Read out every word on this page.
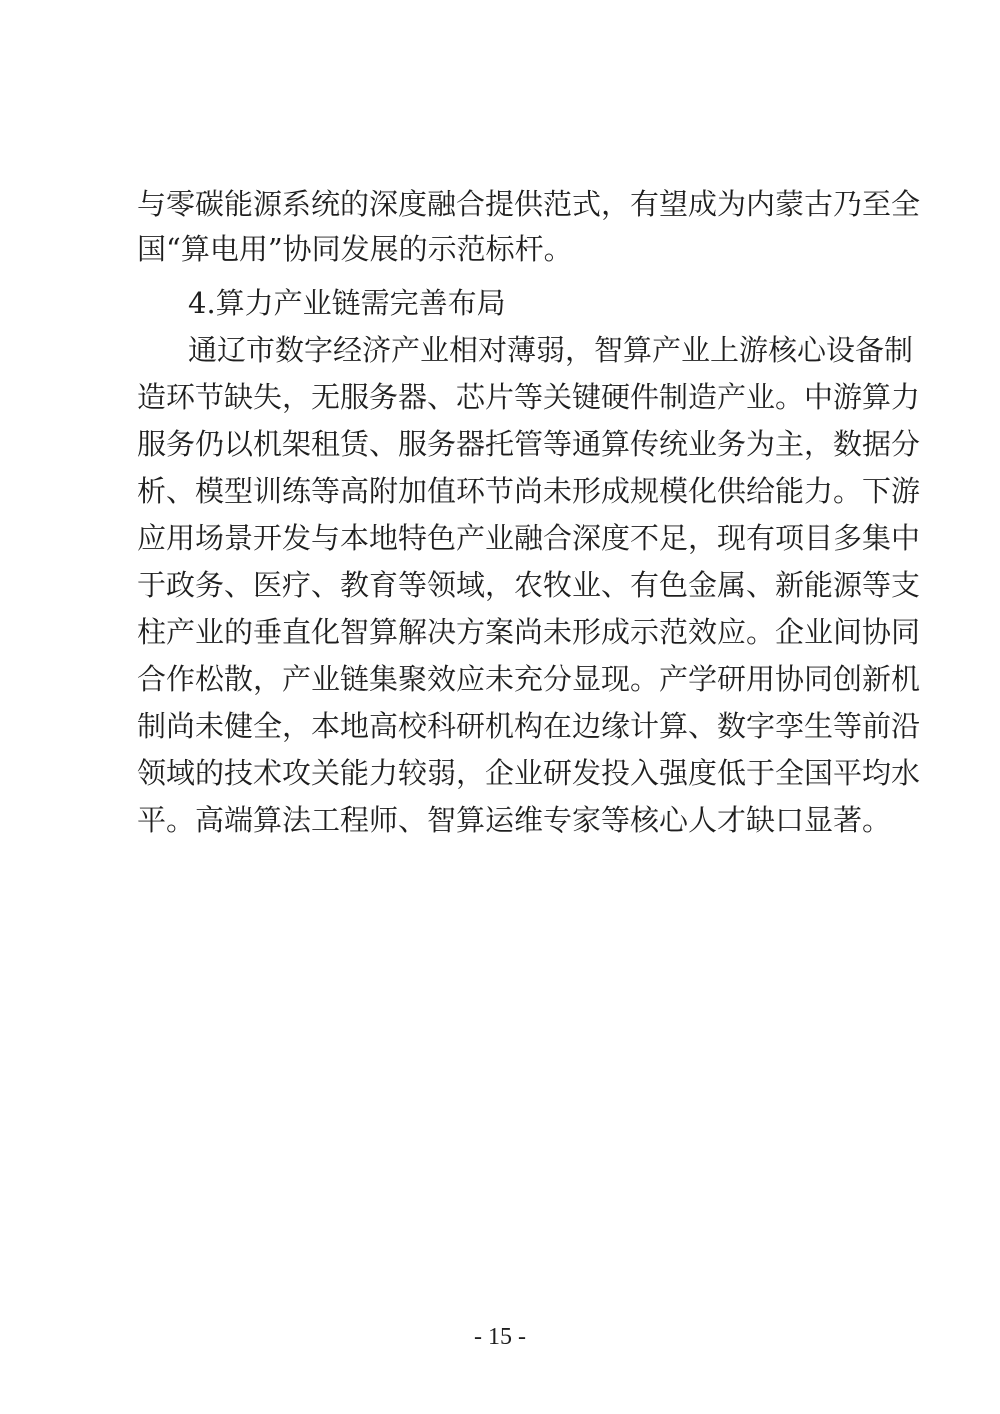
与零碳能源系统的深度融合提供范式，有望成为内蒙古乃至全
国“算电用”协同发展的示范标杆。
4.算力产业链需完善布局
通辽市数字经济产业相对薄弱，智算产业上游核心设备制
造环节缺失，无服务器、芯片等关键硬件制造产业。中游算力
服务仍以机架租赁、服务器托管等通算传统业务为主，数据分
析、模型训练等高附加值环节尚未形成规模化供给能力。下游
应用场景开发与本地特色产业融合深度不足，现有项目多集中
于政务、医疗、教育等领域，农牧业、有色金属、新能源等支
柱产业的垂直化智算解决方案尚未形成示范效应。企业间协同
合作松散，产业链集聚效应未充分显现。产学研用协同创新机
制尚未健全，本地高校科研机构在边缘计算、数字孪生等前沿
领域的技术攻关能力较弱，企业研发投入强度低于全国平均水
平。高端算法工程师、智算运维专家等核心人才缺口显著。
- 15 -
